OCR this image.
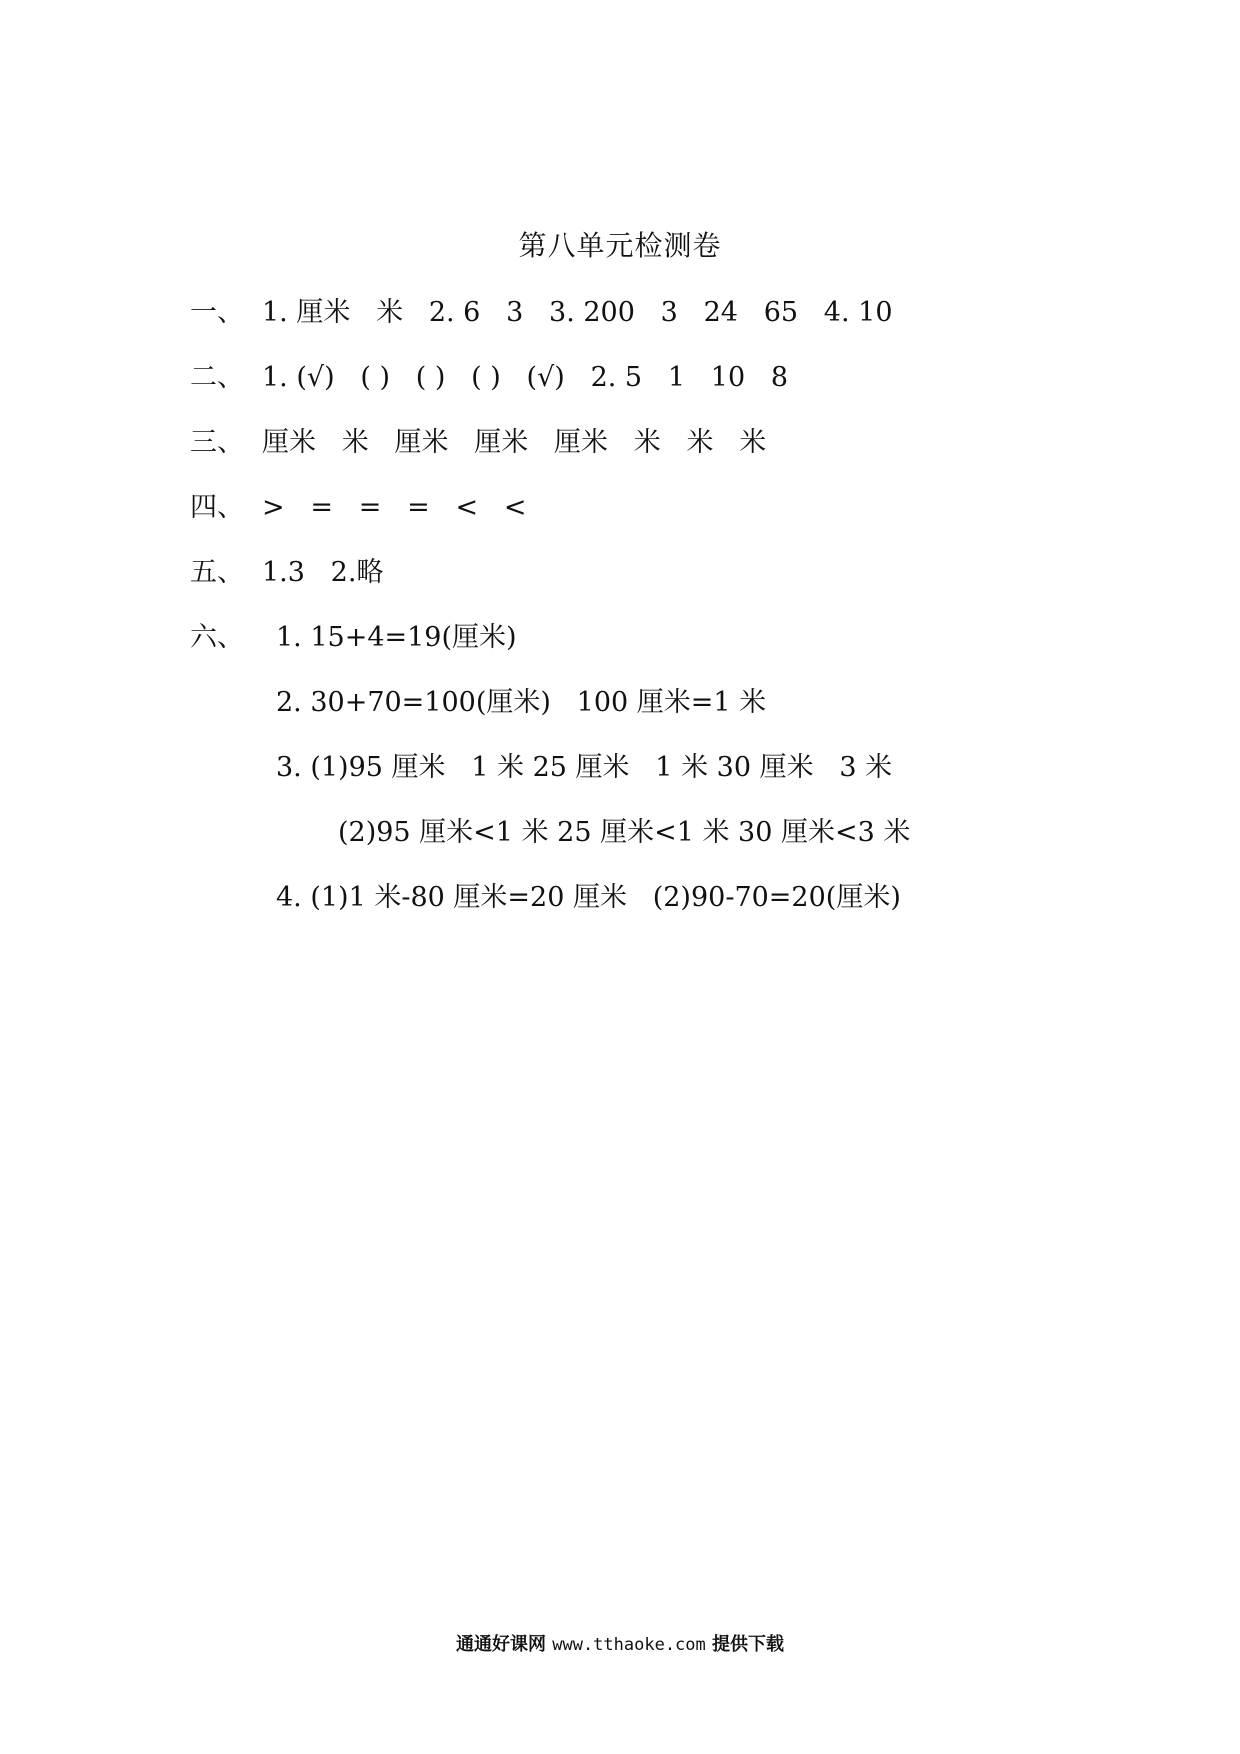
第八单元检测卷
一、 1. 厘米   米   2. 6   3   3. 200   3   24   65   4. 10
二、 1. (√)   ( )   ( )   ( )   (√)   2. 5   1   10   8
三、 厘米   米   厘米   厘米   厘米   米   米   米
四、 >   =   =   =   <   <
五、 1.3   2.略
六、 1. 15+4=19(厘米)
2. 30+70=100(厘米)   100 厘米=1 米
3. (1)95 厘米   1 米 25 厘米   1 米 30 厘米   3 米
(2)95 厘米<1 米 25 厘米<1 米 30 厘米<3 米
4. (1)1 米-80 厘米=20 厘米   (2)90-70=20(厘米)
通通好课网 www.tthaoke.com 提供下载
